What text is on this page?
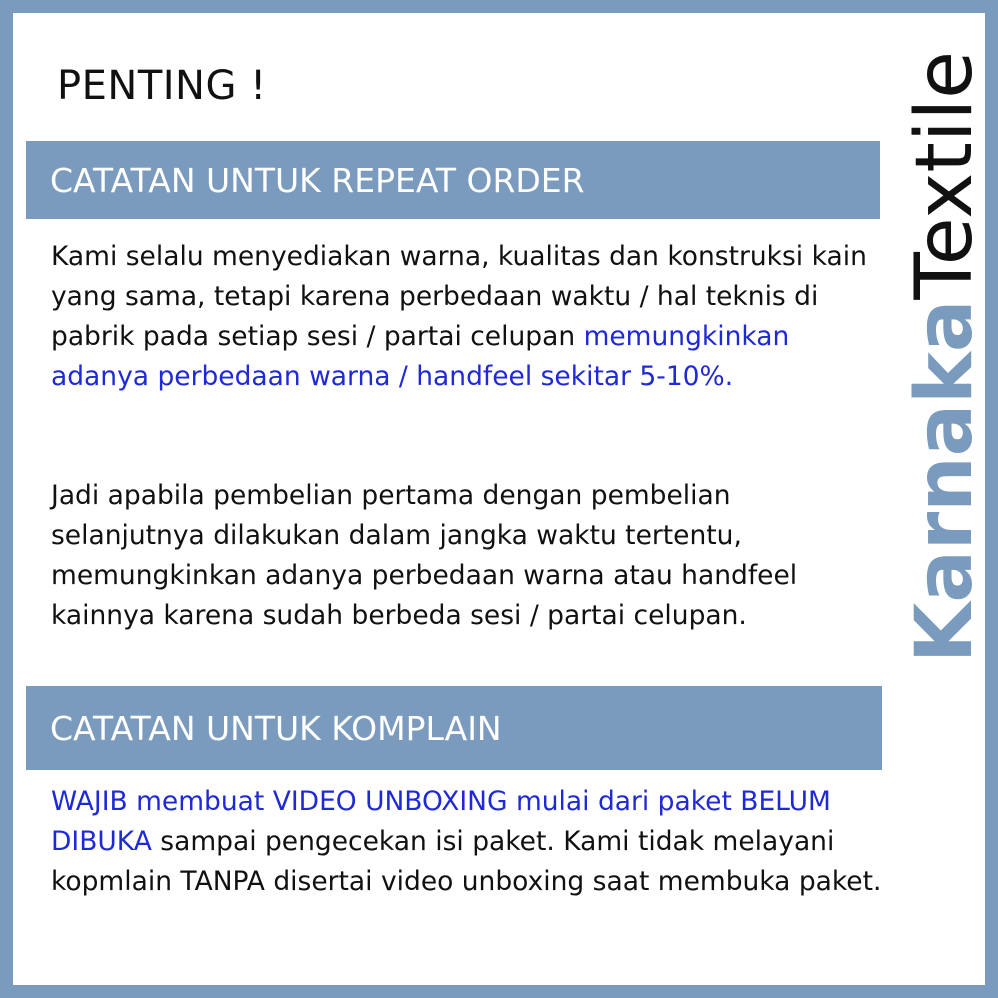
PENTING !
CATATAN UNTUK REPEAT ORDER

Kami selalu menyediakan warna, kualitas dan konstruksi kain yang sama, tetapi karena perbedaan waktu / hal teknis di pabrik pada setiap sesi / partai celupan memungkinkan adanya perbedaan warna / handfeel sekitar 5-10%.

Jadi apabila pembelian pertama dengan pembelian selanjutnya dilakukan dalam jangka waktu tertentu, memungkinkan adanya perbedaan warna atau handfeel kainnya karena sudah berbeda sesi / partai celupan.

CATATAN UNTUK KOMPLAIN

WAJIB membuat VIDEO UNBOXING mulai dari paket BELUM DIBUKA sampai pengecekan isi paket. Kami tidak melayani kopmlain TANPA disertai video unboxing saat membuka paket.

KarnakaTextile
